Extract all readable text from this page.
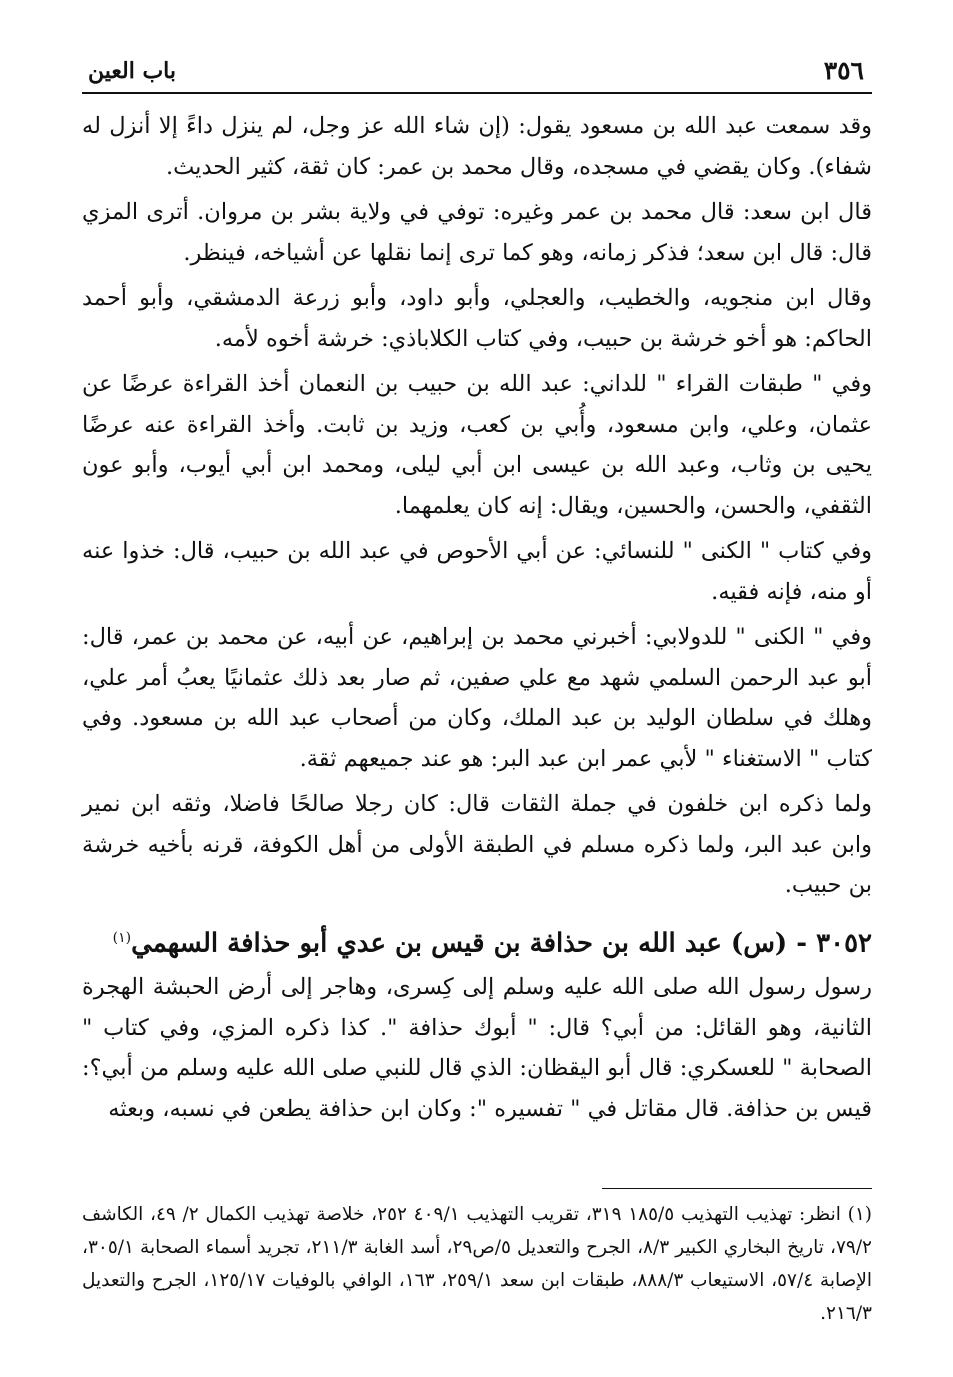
٣٥٦
باب العين

وقد سمعت عبد الله بن مسعود يقول: (إن شاء الله عز وجل، لم ينزل داءً إلا أنزل له شفاء). وكان يقضي في مسجده، وقال محمد بن عمر: كان ثقة، كثير الحديث.

قال ابن سعد: قال محمد بن عمر وغيره: توفي في ولاية بشر بن مروان. أترى المزي قال: قال ابن سعد؛ فذكر زمانه، وهو كما ترى إنما نقلها عن أشياخه، فينظر.

وقال ابن منجويه، والخطيب، والعجلي، وأبو داود، وأبو زرعة الدمشقي، وأبو أحمد الحاكم: هو أخو خرشة بن حبيب، وفي كتاب الكلاباذي: خرشة أخوه لأمه.

وفي " طبقات القراء " للداني: عبد الله بن حبيب بن النعمان أخذ القراءة عرضًا عن عثمان، وعلي، وابن مسعود، وأُبي بن كعب، وزيد بن ثابت. وأخذ القراءة عنه عرضًا يحيى بن وثاب، وعبد الله بن عيسى ابن أبي ليلى، ومحمد ابن أبي أيوب، وأبو عون الثقفي، والحسن، والحسين، ويقال: إنه كان يعلمهما.

وفي كتاب " الكنى " للنسائي: عن أبي الأحوص في عبد الله بن حبيب، قال: خذوا عنه أو منه، فإنه فقيه.

وفي " الكنى " للدولابي: أخبرني محمد بن إبراهيم، عن أبيه، عن محمد بن عمر، قال: أبو عبد الرحمن السلمي شهد مع علي صفين، ثم صار بعد ذلك عثمانيًا يعبُ أمر علي، وهلك في سلطان الوليد بن عبد الملك، وكان من أصحاب عبد الله بن مسعود. وفي كتاب " الاستغناء " لأبي عمر ابن عبد البر: هو عند جميعهم ثقة.

ولما ذكره ابن خلفون في جملة الثقات قال: كان رجلا صالحًا فاضلا، وثقه ابن نمير وابن عبد البر، ولما ذكره مسلم في الطبقة الأولى من أهل الكوفة، قرنه بأخيه خرشة بن حبيب.

٣٠٥٢ - (س) عبد الله بن حذافة بن قيس بن عدي أبو حذافة السهمي$^{(١)}$

رسول رسول الله صلى الله عليه وسلم إلى كِسرى، وهاجر إلى أرض الحبشة الهجرة الثانية، وهو القائل: من أبي؟ قال: " أبوك حذافة ". كذا ذكره المزي، وفي كتاب " الصحابة " للعسكري: قال أبو اليقظان: الذي قال للنبي صلى الله عليه وسلم من أبي؟: قيس بن حذافة. قال مقاتل في " تفسيره ": وكان ابن حذافة يطعن في نسبه، وبعثه

(١) انظر: تهذيب التهذيب ١٨٥/٥ ٣١٩، تقريب التهذيب ٤٠٩/١ ٢٥٢، خلاصة تهذيب الكمال ٢/ ٤٩، الكاشف ٧٩/٢، تاريخ البخاري الكبير ٨/٣، الجرح والتعديل ٥/ص٢٩، أسد الغابة ٢١١/٣، تجريد أسماء الصحابة ٣٠٥/١، الإصابة ٥٧/٤، الاستيعاب ٨٨٨/٣، طبقات ابن سعد ٢٥٩/١، ١٦٣، الوافي بالوفيات ١٢٥/١٧، الجرح والتعديل ٢١٦/٣.
